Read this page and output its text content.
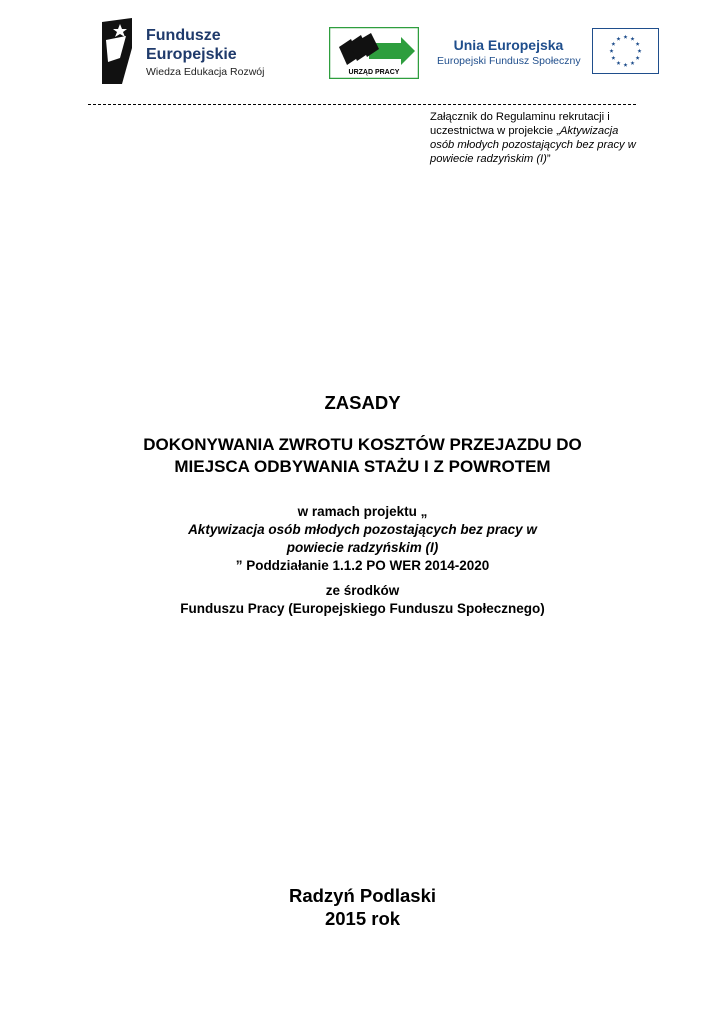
Fundusze
Europejskie
Wiedza Edukacja Rozwój	URZĄD PRACY
Unia Europejska
Europejski Fundusz Społeczny
Załącznik do Regulaminu rekrutacji i uczestnictwa w projekcie „Aktywizacja osób młodych pozostających bez pracy w powiecie radzyńskim (I)”
ZASADY
DOKONYWANIA ZWROTU KOSZTÓW PRZEJAZDU DO
MIEJSCA ODBYWANIA STAŻU I Z POWROTEM
w ramach projektu „
Aktywizacja osób młodych pozostających bez pracy w
powiecie radzyńskim (I)
” Poddziałanie 1.1.2 PO WER 2014-2020
ze środków
Funduszu Pracy (Europejskiego Funduszu Społecznego)
Radzyń Podlaski
2015 rok
